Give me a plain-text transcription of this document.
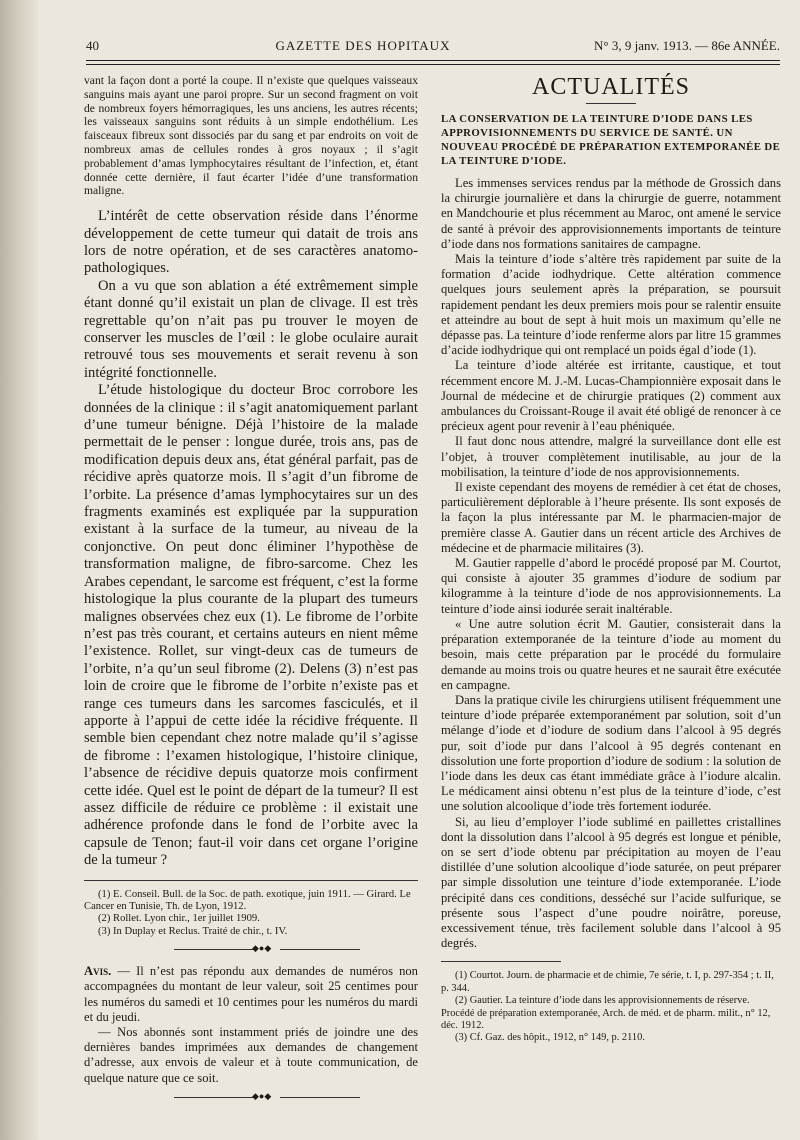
40	GAZETTE DES HOPITAUX	N° 3, 9 janv. 1913. — 86e ANNÉE.

vant la façon dont a porté la coupe. Il n’existe que quelques vaisseaux sanguins mais ayant une paroi propre. Sur un second fragment on voit de nombreux foyers hémorragiques, les uns anciens, les autres récents; les vaisseaux sanguins sont réduits à un simple endothélium. Les faisceaux fibreux sont dissociés par du sang et par endroits on voit de nombreux amas de cellules rondes à gros noyaux ; il s’agit probablement d’amas lymphocytaires résultant de l’infection, et, étant donnée cette dernière, il faut écarter l’idée d’une transformation maligne.

L’intérêt de cette observation réside dans l’énorme développement de cette tumeur qui datait de trois ans lors de notre opération, et de ses caractères anatomo-pathologiques.

On a vu que son ablation a été extrêmement simple étant donné qu’il existait un plan de clivage. Il est très regrettable qu’on n’ait pas pu trouver le moyen de conserver les muscles de l’œil : le globe oculaire aurait retrouvé tous ses mouvements et serait revenu à son intégrité fonctionnelle.

L’étude histologique du docteur Broc corrobore les données de la clinique : il s’agit anatomiquement parlant d’une tumeur bénigne. Déjà l’histoire de la malade permettait de le penser : longue durée, trois ans, pas de modification depuis deux ans, état général parfait, pas de récidive après quatorze mois. Il s’agit d’un fibrome de l’orbite. La présence d’amas lymphocytaires sur un des fragments examinés est expliquée par la suppuration existant à la surface de la tumeur, au niveau de la conjonctive. On peut donc éliminer l’hypothèse de transformation maligne, de fibro-sarcome. Chez les Arabes cependant, le sarcome est fréquent, c’est la forme histologique la plus courante de la plupart des tumeurs malignes observées chez eux (1). Le fibrome de l’orbite n’est pas très courant, et certains auteurs en nient même l’existence. Rollet, sur vingt-deux cas de tumeurs de l’orbite, n’a qu’un seul fibrome (2). Delens (3) n’est pas loin de croire que le fibrome de l’orbite n’existe pas et range ces tumeurs dans les sarcomes fasciculés, et il apporte à l’appui de cette idée la récidive fréquente. Il semble bien cependant chez notre malade qu’il s’agisse de fibrome : l’examen histologique, l’histoire clinique, l’absence de récidive depuis quatorze mois confirment cette idée. Quel est le point de départ de la tumeur? Il est assez difficile de réduire ce problème : il existait une adhérence profonde dans le fond de l’orbite avec la capsule de Tenon; faut-il voir dans cet organe l’origine de la tumeur ?

(1) E. Conseil. Bull. de la Soc. de path. exotique, juin 1911. — Girard. Le Cancer en Tunisie, Th. de Lyon, 1912.

(2) Rollet. Lyon chir., 1er juillet 1909.

(3) In Duplay et Reclus. Traité de chir., t. IV.

◆●◆

Avis. — Il n’est pas répondu aux demandes de numéros non accompagnées du montant de leur valeur, soit 25 centimes pour les numéros du samedi et 10 centimes pour les numéros du mardi et du jeudi.

— Nos abonnés sont instamment priés de joindre une des dernières bandes imprimées aux demandes de changement d’adresse, aux envois de valeur et à toute communication, de quelque nature que ce soit.

◆●◆
ACTUALITÉS
LA CONSERVATION DE LA TEINTURE D’IODE DANS LES APPROVISIONNEMENTS DU SERVICE DE SANTÉ. UN NOUVEAU PROCÉDÉ DE PRÉPARATION EXTEMPORANÉE DE LA TEINTURE D’IODE.

Les immenses services rendus par la méthode de Grossich dans la chirurgie journalière et dans la chirurgie de guerre, notamment en Mandchourie et plus récemment au Maroc, ont amené le service de santé à prévoir des approvisionnements importants de teinture d’iode dans nos formations sanitaires de campagne.

Mais la teinture d’iode s’altère très rapidement par suite de la formation d’acide iodhydrique. Cette altération commence quelques jours seulement après la préparation, se poursuit rapidement pendant les deux premiers mois pour se ralentir ensuite et atteindre au bout de sept à huit mois un maximum qu’elle ne dépasse pas. La teinture d’iode renferme alors par litre 15 grammes d’acide iodhydrique qui ont remplacé un poids égal d’iode (1).

La teinture d’iode altérée est irritante, caustique, et tout récemment encore M. J.-M. Lucas-Championnière exposait dans le Journal de médecine et de chirurgie pratiques (2) comment aux ambulances du Croissant-Rouge il avait été obligé de renoncer à ce précieux agent pour revenir à l’eau phéniquée.

Il faut donc nous attendre, malgré la surveillance dont elle est l’objet, à trouver complètement inutilisable, au jour de la mobilisation, la teinture d’iode de nos approvisionnements.

Il existe cependant des moyens de remédier à cet état de choses, particulièrement déplorable à l’heure présente. Ils sont exposés de la façon la plus intéressante par M. le pharmacien-major de première classe A. Gautier dans un récent article des Archives de médecine et de pharmacie militaires (3).

M. Gautier rappelle d’abord le procédé proposé par M. Courtot, qui consiste à ajouter 35 grammes d’iodure de sodium par kilogramme à la teinture d’iode de nos approvisionnements. La teinture d’iode ainsi iodurée serait inaltérable.

« Une autre solution écrit M. Gautier, consisterait dans la préparation extemporanée de la teinture d’iode au moment du besoin, mais cette préparation par le procédé du formulaire demande au moins trois ou quatre heures et ne saurait être exécutée en campagne.

Dans la pratique civile les chirurgiens utilisent fréquemment une teinture d’iode préparée extemporanément par solution, soit d’un mélange d’iode et d’iodure de sodium dans l’alcool à 95 degrés pur, soit d’iode pur dans l’alcool à 95 degrés contenant en dissolution une forte proportion d’iodure de sodium : la solution de l’iode dans les deux cas étant immédiate grâce à l’iodure alcalin. Le médicament ainsi obtenu n’est plus de la teinture d’iode, c’est une solution alcoolique d’iode très fortement iodurée.

Si, au lieu d’employer l’iode sublimé en paillettes cristallines dont la dissolution dans l’alcool à 95 degrés est longue et pénible, on se sert d’iode obtenu par précipitation au moyen de l’eau distillée d’une solution alcoolique d’iode saturée, on peut préparer par simple dissolution une teinture d’iode extemporanée. L’iode précipité dans ces conditions, desséché sur l’acide sulfurique, se présente sous l’aspect d’une poudre noirâtre, poreuse, excessivement ténue, très facilement soluble dans l’alcool à 95 degrés.

(1) Courtot. Journ. de pharmacie et de chimie, 7e série, t. I, p. 297-354 ; t. II, p. 344.

(2) Gautier. La teinture d’iode dans les approvisionnements de réserve. Procédé de préparation extemporanée, Arch. de méd. et de pharm. milit., n° 12, déc. 1912.

(3) Cf. Gaz. des hôpit., 1912, n° 149, p. 2110.
